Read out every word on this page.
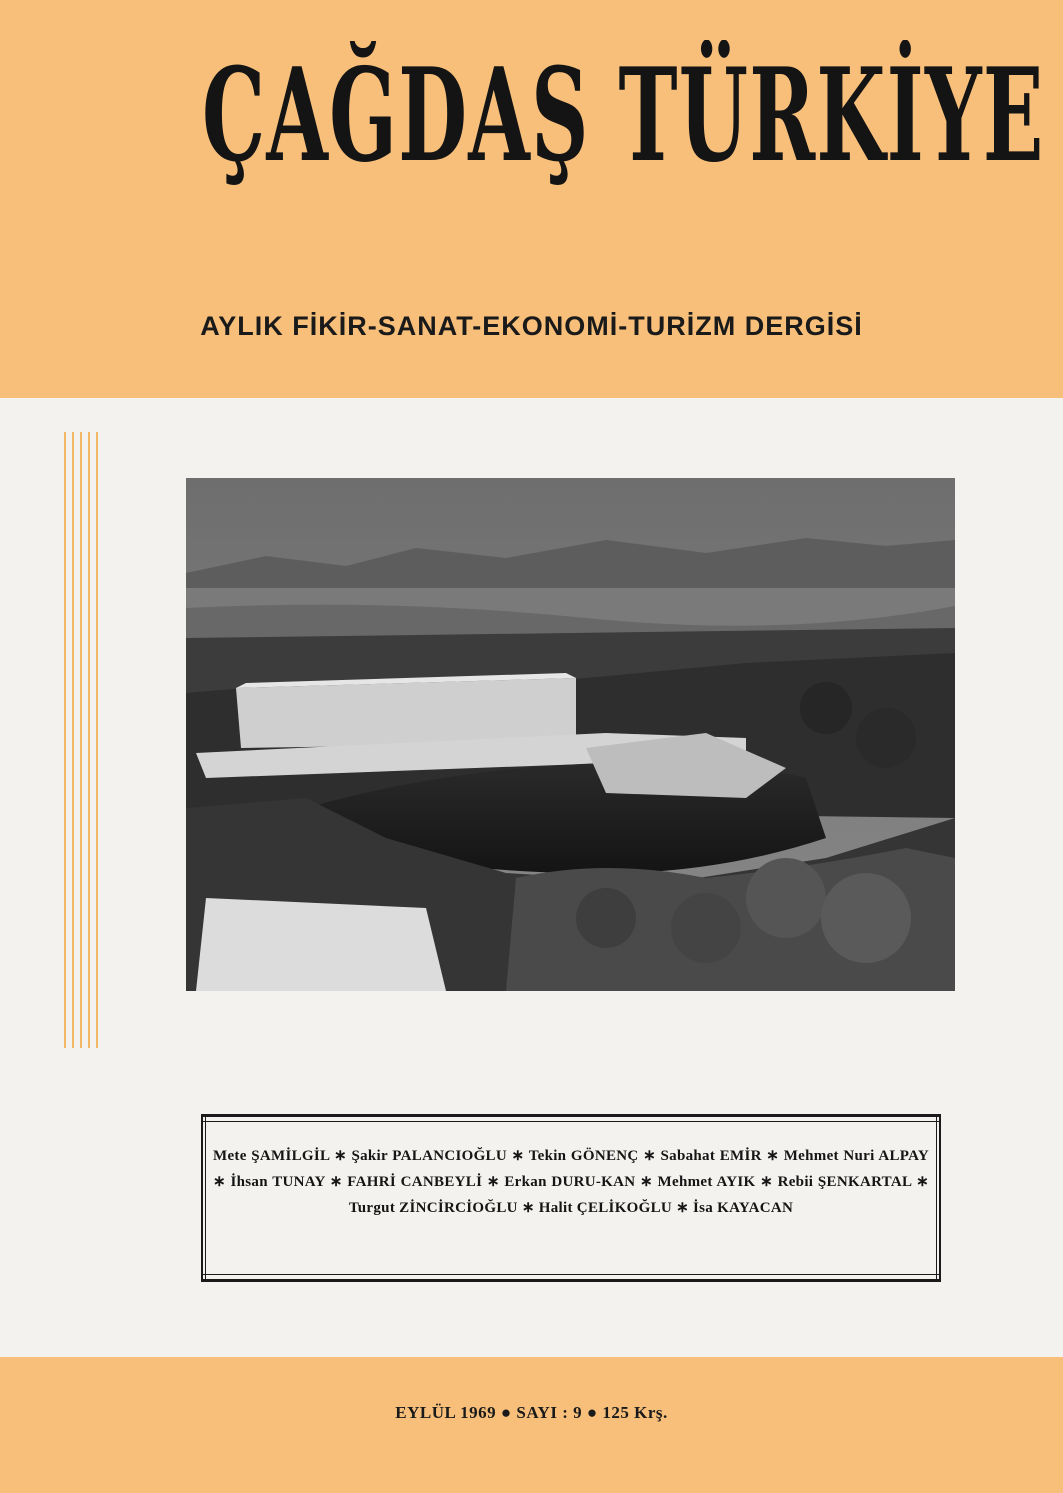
ÇAĞDAŞ TÜRKİYE
AYLIK FİKİR-SANAT-EKONOMİ-TURİZM DERGİSİ
Mete ŞAMİLGİL ∗ Şakir PALANCIOĞLU ∗ Tekin GÖNENÇ ∗ Sabahat EMİR ∗ Mehmet Nuri ALPAY ∗ İhsan TUNAY ∗ FAHRİ CANBEYLİ ∗ Erkan DURU-KAN ∗ Mehmet AYIK ∗ Rebii ŞENKARTAL ∗ Turgut ZİNCİRCİOĞLU ∗ Halit ÇELİKOĞLU ∗ İsa KAYACAN
EYLÜL 1969 ● SAYI : 9 ● 125 Krş.
